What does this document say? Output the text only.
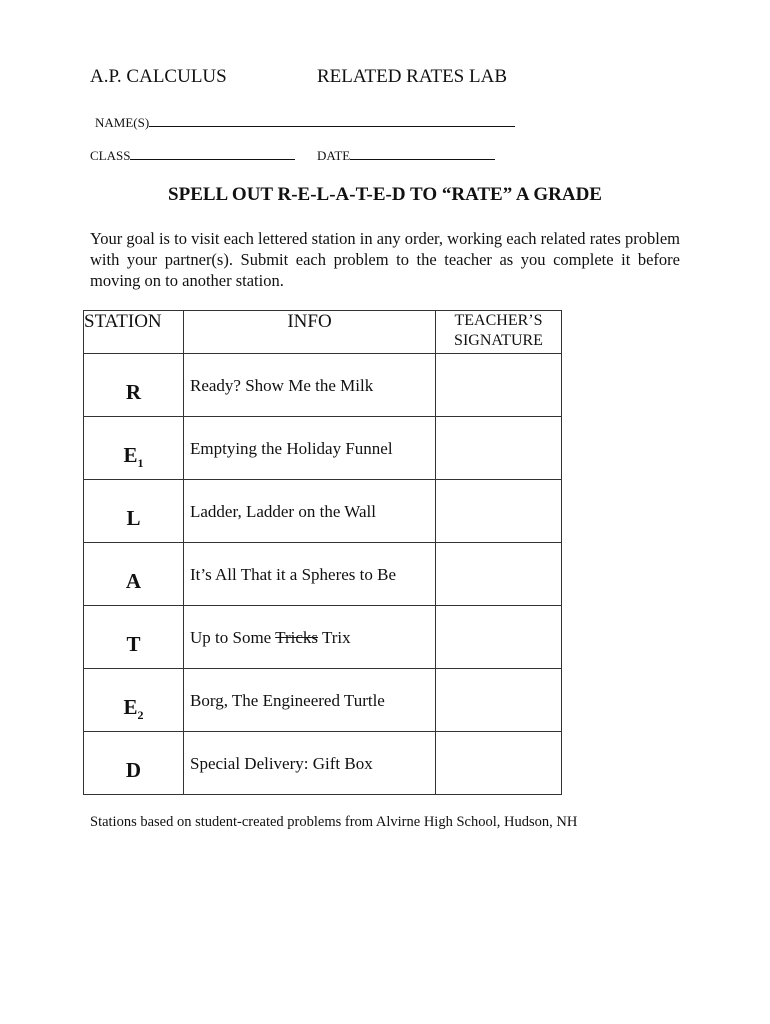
A.P. CALCULUS	RELATED RATES LAB
NAME(S)
CLASS	DATE
SPELL OUT R-E-L-A-T-E-D TO “RATE” A GRADE
Your goal is to visit each lettered station in any order, working each related rates problem with your partner(s). Submit each problem to the teacher as you complete it before moving on to another station.
STATION	INFO	TEACHER’S
SIGNATURE
R	Ready? Show Me the Milk	
$E_1$	Emptying the Holiday Funnel	
L	Ladder, Ladder on the Wall	
A	It’s All That it a Spheres to Be	
T	Up to Some Tricks Trix	
$E_2$	Borg, The Engineered Turtle	
D	Special Delivery: Gift Box	
Stations based on student-created problems from Alvirne High School, Hudson, NH
